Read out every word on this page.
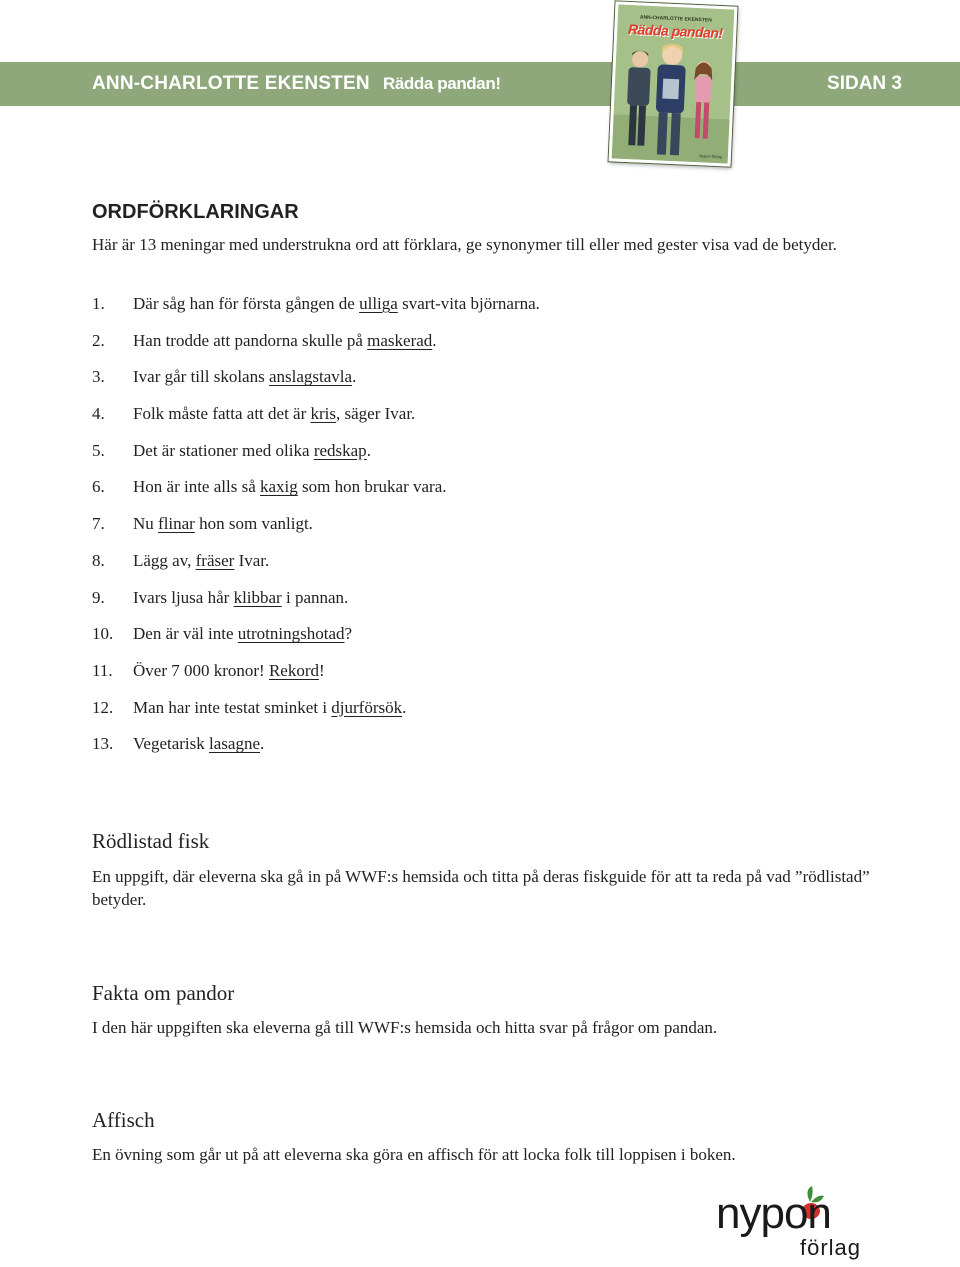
ANN-CHARLOTTE EKENSTEN Rädda pandan!	SIDAN 3
ANN-CHARLOTTE EKENSTEN
Rädda pandan!
Nypon förlag
ORDFÖRKLARINGAR

Här är 13 meningar med understrukna ord att förklara, ge synonymer till eller med gester visa vad de betyder.

1. Där såg han för första gången de ulliga svart-vita björnarna.
2. Han trodde att pandorna skulle på maskerad.
3. Ivar går till skolans anslagstavla.
4. Folk måste fatta att det är kris, säger Ivar.
5. Det är stationer med olika redskap.
6. Hon är inte alls så kaxig som hon brukar vara.
7. Nu flinar hon som vanligt.
8. Lägg av, fräser Ivar.
9. Ivars ljusa hår klibbar i pannan.
10. Den är väl inte utrotningshotad?
11. Över 7 000 kronor! Rekord!
12. Man har inte testat sminket i djurförsök.
13. Vegetarisk lasagne.
Rödlistad fisk

En uppgift, där eleverna ska gå in på WWF:s hemsida och titta på deras fiskguide för att ta reda på vad ”rödlistad” betyder.

Fakta om pandor

I den här uppgiften ska eleverna gå till WWF:s hemsida och hitta svar på frågor om pandan.

Affisch

En övning som går ut på att eleverna ska göra en affisch för att locka folk till loppisen i boken.

nypon
förlag
